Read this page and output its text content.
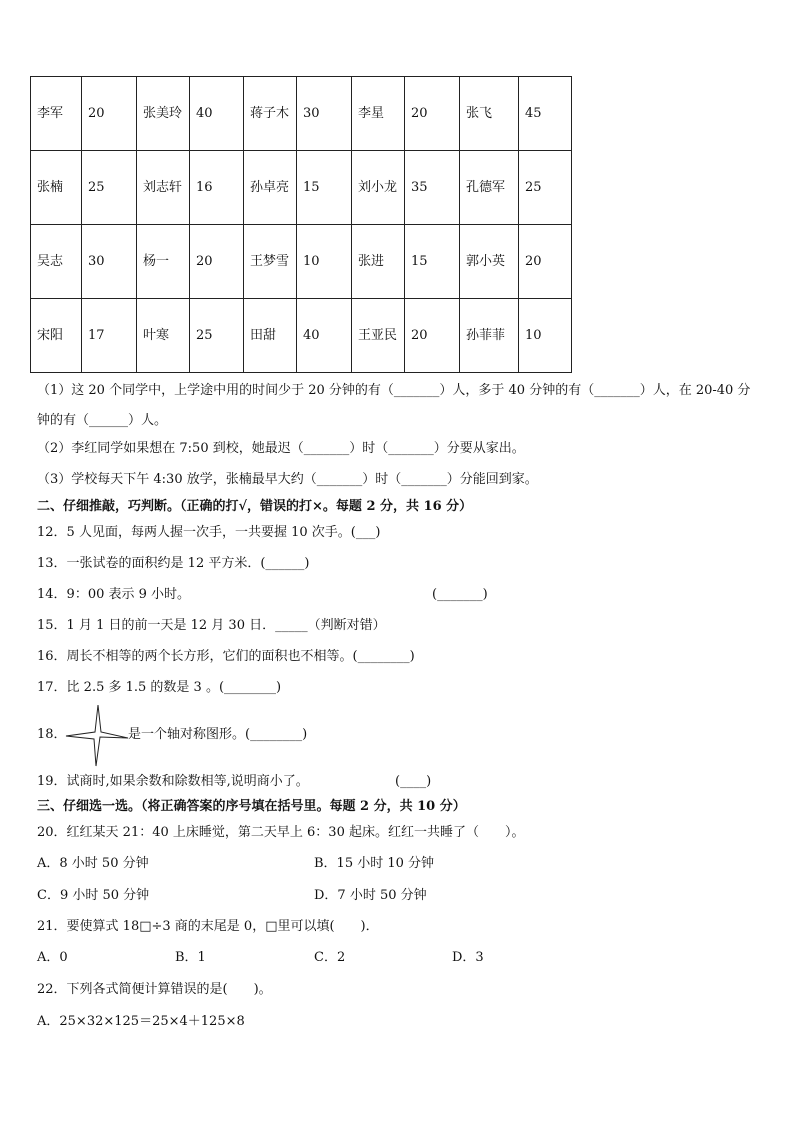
李军	20	张美玲	40	蒋子木	30	李星	20	张飞	45
张楠	25	刘志轩	16	孙卓亮	15	刘小龙	35	孔德军	25
吴志	30	杨一	20	王梦雪	10	张进	15	郭小英	20
宋阳	17	叶寒	25	田甜	40	王亚民	20	孙菲菲	10
（1）这 20 个同学中，上学途中用的时间少于 20 分钟的有（_______）人，多于 40 分钟的有（_______）人，在 20-40 分钟的有（______）人。
（2）李红同学如果想在 7:50 到校，她最迟（_______）时（_______）分要从家出。
（3）学校每天下午 4:30 放学，张楠最早大约（_______）时（_______）分能回到家。
二、仔细推敲，巧判断。（正确的打√，错误的打×。每题 2 分，共 16 分）
12．5 人见面，每两人握一次手，一共要握 10 次手。(___)
13．一张试卷的面积约是 12 平方米．(______)
14．9：00 表示 9 小时。	(_______)
15．1 月 1 日的前一天是 12 月 30 日．_____（判断对错）
16．周长不相等的两个长方形，它们的面积也不相等。(________)
17．比 2.5 多 1.5 的数是 3 。(________)
18．	是一个轴对称图形。(________)
19．试商时,如果余数和除数相等,说明商小了。	(____)
三、仔细选一选。（将正确答案的序号填在括号里。每题 2 分，共 10 分）
20．红红某天 21：40 上床睡觉，第二天早上 6：30 起床。红红一共睡了（　　）。
A．8 小时 50 分钟	B．15 小时 10 分钟
C．9 小时 50 分钟	D．7 小时 50 分钟
21．要使算式 18□÷3 商的末尾是 0，□里可以填(　　)．
A．0	B．1	C．2	D．3
22．下列各式简便计算错误的是(　　)。
A．25×32×125＝25×4＋125×8
